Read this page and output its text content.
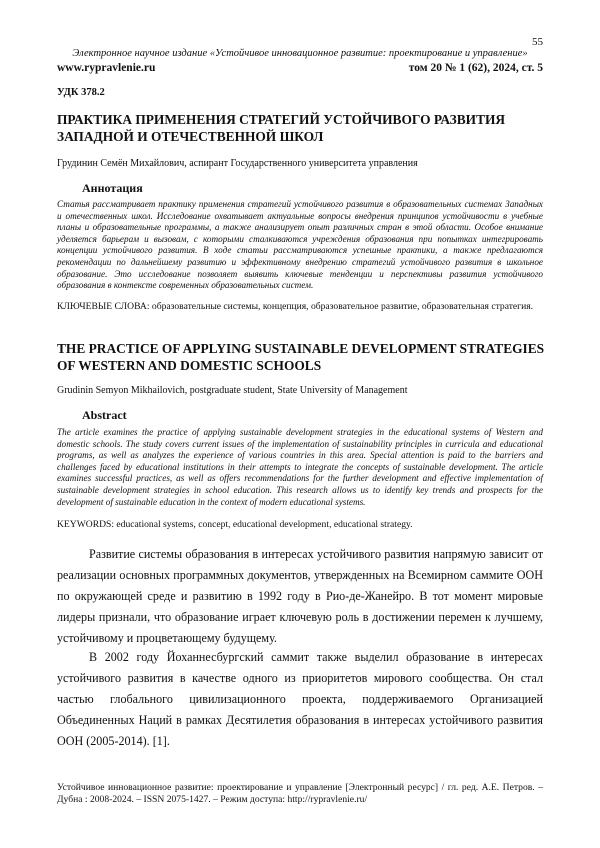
55
Электронное научное издание «Устойчивое инновационное развитие: проектирование и управление»
www.rypravlenie.ru	том 20 № 1 (62), 2024, ст. 5
УДК 378.2
ПРАКТИКА ПРИМЕНЕНИЯ СТРАТЕГИЙ УСТОЙЧИВОГО РАЗВИТИЯ ЗАПАДНОЙ И ОТЕЧЕСТВЕННОЙ ШКОЛ
Грудинин Семён Михайлович, аспирант Государственного университета управления
Аннотация

Статья рассматривает практику применения стратегий устойчивого развития в образовательных системах Западных и отечественных школ. Исследование охватывает актуальные вопросы внедрения принципов устойчивости в учебные планы и образовательные программы, а также анализирует опыт различных стран в этой области. Особое внимание уделяется барьерам и вызовам, с которыми сталкиваются учреждения образования при попытках интегрировать концепции устойчивого развития. В ходе статьи рассматриваются успешные практики, а также предлагаются рекомендации по дальнейшему развитию и эффективному внедрению стратегий устойчивого развития в школьное образование. Это исследование позволяет выявить ключевые тенденции и перспективы развития устойчивого образования в контексте современных образовательных систем.

КЛЮЧЕВЫЕ СЛОВА: образовательные системы, концепция, образовательное развитие, образовательная стратегия.

THE PRACTICE OF APPLYING SUSTAINABLE DEVELOPMENT STRATEGIES OF WESTERN AND DOMESTIC SCHOOLS
Grudinin Semyon Mikhailovich, postgraduate student, State University of Management
Abstract

The article examines the practice of applying sustainable development strategies in the educational systems of Western and domestic schools. The study covers current issues of the implementation of sustainability principles in curricula and educational programs, as well as analyzes the experience of various countries in this area. Special attention is paid to the barriers and challenges faced by educational institutions in their attempts to integrate the concepts of sustainable development. The article examines successful practices, as well as offers recommendations for the further development and effective implementation of sustainable development strategies in school education. This research allows us to identify key trends and prospects for the development of sustainable education in the context of modern educational systems.

KEYWORDS: educational systems, concept, educational development, educational strategy.

Развитие системы образования в интересах устойчивого развития напрямую зависит от реализации основных программных документов, утвержденных на Всемирном саммите ООН по окружающей среде и развитию в 1992 году в Рио-де-Жанейро. В тот момент мировые лидеры признали, что образование играет ключевую роль в достижении перемен к лучшему, устойчивому и процветающему будущему.

В 2002 году Йоханнесбургский саммит также выделил образование в интересах устойчивого развития в качестве одного из приоритетов мирового сообщества. Он стал частью глобального цивилизационного проекта, поддерживаемого Организацией Объединенных Наций в рамках Десятилетия образования в интересах устойчивого развития ООН (2005-2014). [1].

Устойчивое инновационное развитие: проектирование и управление [Электронный ресурс] / гл. ред. А.Е. Петров. – Дубна : 2008-2024. – ISSN 2075-1427. – Режим доступа: http://rypravlenie.ru/
